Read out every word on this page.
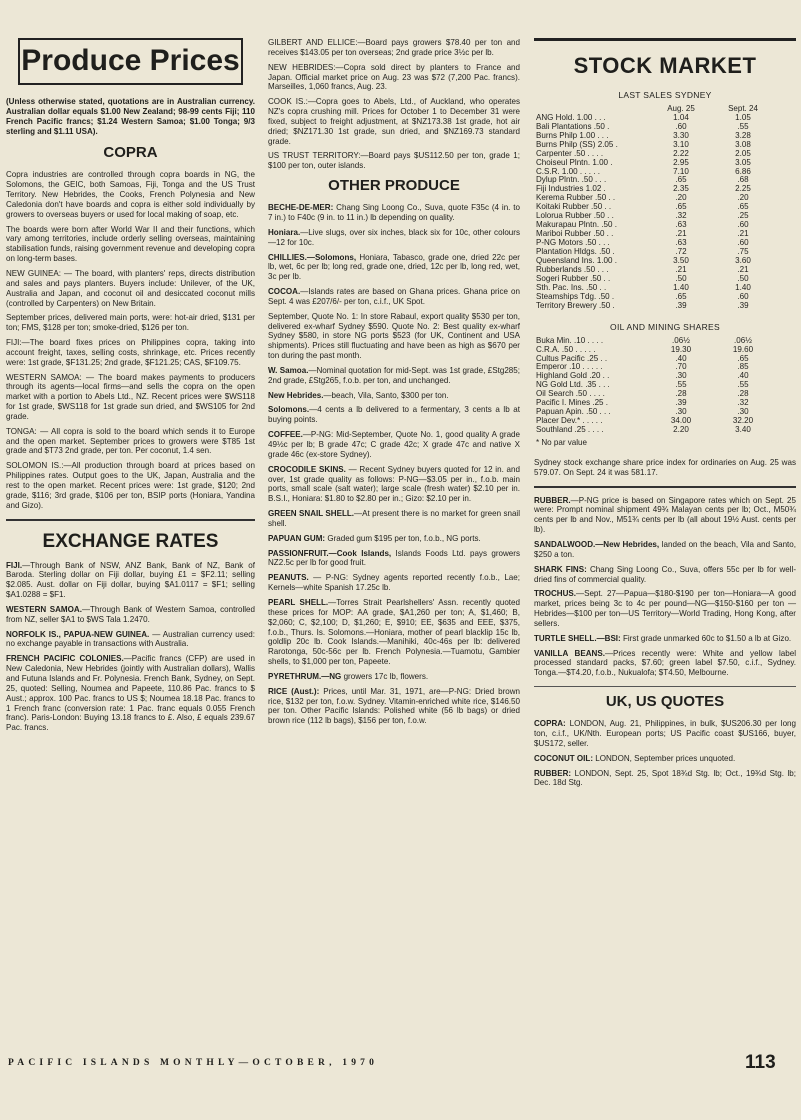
Produce Prices
(Unless otherwise stated, quotations are in Australian currency. Australian dollar equals $1.00 New Zealand; 98-99 cents Fiji; 110 French Pacific francs; $1.24 Western Samoa; $1.00 Tonga; 9/3 sterling and $1.11 USA).
COPRA
Copra industries are controlled through copra boards in NG, the Solomons, the GEIC, both Samoas, Fiji, Tonga and the US Trust Territory. New Hebrides, the Cooks, French Polynesia and New Caledonia don't have boards and copra is either sold individually by growers to overseas buyers or used for local making of soap, etc.
The boards were born after World War II and their functions, which vary among territories, include orderly selling overseas, maintaining stabilisation funds, raising government revenue and developing copra on long-term bases.
NEW GUINEA: — The board, with planters' reps, directs distribution and sales and pays planters. Buyers include: Unilever, of the UK, Australia and Japan, and coconut oil and desiccated coconut mills (controlled by Carpenters) on New Britain.
September prices, delivered main ports, were: hot-air dried, $131 per ton; FMS, $128 per ton; smoke-dried, $126 per ton.
FIJI:—The board fixes prices on Philippines copra, taking into account freight, taxes, selling costs, shrinkage, etc. Prices recently were: 1st grade, $F131.25; 2nd grade, $F121.25; CAS, $F109.75.
WESTERN SAMOA: — The board makes payments to producers through its agents—local firms—and sells the copra on the open market with a portion to Abels Ltd., NZ. Recent prices were $WS118 for 1st grade, $WS118 for 1st grade sun dried, and $WS105 for 2nd grade.
TONGA: — All copra is sold to the board which sends it to Europe and the open market. September prices to growers were $T85 1st grade and $T73 2nd grade, per ton. Per coconut, 1.4 sen.
SOLOMON IS.:—All production through board at prices based on Philippines rates. Output goes to the UK, Japan, Australia and the rest to the open market. Recent prices were: 1st grade, $120; 2nd grade, $116; 3rd grade, $106 per ton, BSIP ports (Honiara, Yandina and Gizo).
EXCHANGE RATES
FIJI.—Through Bank of NSW, ANZ Bank, Bank of NZ, Bank of Baroda. Sterling dollar on Fiji dollar, buying £1 = $F2.11; selling $2.085. Aust. dollar on Fiji dollar, buying $A1.0117 = $F1; selling $A1.0288 = $F1.
WESTERN SAMOA.—Through Bank of Western Samoa, controlled from NZ, seller $A1 to $WS Tala 1.2470.
NORFOLK IS., PAPUA-NEW GUINEA. — Australian currency used: no exchange payable in transactions with Australia.
FRENCH PACIFIC COLONIES.—Pacific francs (CFP) are used in New Caledonia, New Hebrides (jointly with Australian dollars), Wallis and Futuna Islands and Fr. Polynesia. French Bank, Sydney, on Sept. 25, quoted: Selling, Noumea and Papeete, 110.86 Pac. francs to $ Aust.; approx. 100 Pac. francs to US $; Noumea 18.18 Pac. francs to 1 French franc (conversion rate: 1 Pac. franc equals 0.055 French franc). Paris-London: Buying 13.18 francs to £. Also, £ equals 239.67 Pac. francs.
GILBERT AND ELLICE:—Board pays growers $78.40 per ton and receives $143.05 per ton overseas; 2nd grade price 3½c per lb.
NEW HEBRIDES:—Copra sold direct by planters to France and Japan. Official market price on Aug. 23 was $72 (7,200 Pac. francs). Marseilles, 1,060 francs, Aug. 23.
COOK IS.:—Copra goes to Abels, Ltd., of Auckland, who operates NZ's copra crushing mill. Prices for October 1 to December 31 were fixed, subject to freight adjustment, at $NZ173.38 1st grade, hot air dried; $NZ171.30 1st grade, sun dried, and $NZ169.73 standard grade.
US TRUST TERRITORY:—Board pays $US112.50 per ton, grade 1; $100 per ton, outer islands.
OTHER PRODUCE
BECHE-DE-MER: Chang Sing Loong Co., Suva, quote F35c (4 in. to 7 in.) to F40c (9 in. to 11 in.) lb depending on quality.
Honiara.—Live slugs, over six inches, black six for 10c, other colours—12 for 10c.
CHILLIES.—Solomons, Honiara, Tabasco, grade one, dried 22c per lb, wet, 6c per lb; long red, grade one, dried, 12c per lb, long red, wet, 3c per lb.
COCOA.—Islands rates are based on Ghana prices. Ghana price on Sept. 4 was £207/6/- per ton, c.i.f., UK Spot.
September, Quote No. 1: In store Rabaul, export quality $530 per ton, delivered ex-wharf Sydney $590. Quote No. 2: Best quality ex-wharf Sydney $580, in store NG ports $523 (for UK, Continent and USA shipments). Prices still fluctuating and have been as high as $670 per ton during the past month.
W. Samoa.—Nominal quotation for mid-Sept. was 1st grade, £Stg285; 2nd grade, £Stg265, f.o.b. per ton, and unchanged.
New Hebrides.—beach, Vila, Santo, $300 per ton.
Solomons.—4 cents a lb delivered to a fermentary, 3 cents a lb at buying points.
COFFEE.—P-NG: Mid-September, Quote No. 1, good quality A grade 49½c per lb; B grade 47c; C grade 42c; X grade 47c and native X grade 46c (ex-store Sydney).
CROCODILE SKINS. — Recent Sydney buyers quoted for 12 in. and over, 1st grade quality as follows: P-NG—$3.05 per in., f.o.b. main ports, small scale (salt water); large scale (fresh water) $2.10 per in. B.S.I., Honiara: $1.80 to $2.80 per in.; Gizo: $2.10 per in.
GREEN SNAIL SHELL.—At present there is no market for green snail shell.
PAPUAN GUM: Graded gum $195 per ton, f.o.b., NG ports.
PASSIONFRUIT.—Cook Islands, Islands Foods Ltd. pays growers NZ2.5c per lb for good fruit.
PEANUTS. — P-NG: Sydney agents reported recently f.o.b., Lae; Kernels—white Spanish 17.25c lb.
PEARL SHELL.—Torres Strait Pearlshellers' Assn. recently quoted these prices for MOP: AA grade, $A1,260 per ton; A, $1,460; B, $2,060; C, $2,100; D, $1,260; E, $910; EE, $635 and EEE, $375, f.o.b., Thurs. Is. Solomons.—Honiara, mother of pearl blacklip 15c lb, goldlip 20c lb. Cook Islands.—Manihiki, 40c-46s per lb: delivered Rarotonga, 50c-56c per lb. French Polynesia.—Tuamotu, Gambier shells, to $1,000 per ton, Papeete.
PYRETHRUM.—NG growers 17c lb, flowers.
RICE (Aust.): Prices, until Mar. 31, 1971, are—P-NG: Dried brown rice, $132 per ton, f.o.w. Sydney. Vitamin-enriched white rice, $146.50 per ton. Other Pacific Islands: Polished white (56 lb bags) or dried brown rice (112 lb bags), $156 per ton, f.o.w.
STOCK MARKET
LAST SALES SYDNEY
	Aug. 25	Sept. 24
ANG Hold. 1.00 . . .	1.04	1.05
Bali Plantations .50 .	.60	.55
Burns Philp 1.00 . . .	3.30	3.28
Burns Philp (SS) 2.05 .	3.10	3.08
Carpenter .50 . . . .	2.22	2.05
Choiseul Plntn. 1.00 .	2.95	3.05
C.S.R. 1.00 . . . . .	7.10	6.86
Dylup Plntn. .50 . . .	.65	.68
Fiji Industries 1.02 .	2.35	2.25
Kerema Rubber .50 . .	.20	.20
Koitaki Rubber .50 . .	.65	.65
Lolorua Rubber .50 . .	.32	.25
Makurapau Plntn. .50 .	.63	.60
Mariboi Rubber .50 . .	.21	.21
P-NG Motors .50 . . .	.63	.60
Plantation Hldgs. .50 .	.72	.75
Queensland Ins. 1.00 .	3.50	3.60
Rubberlands .50 . . .	.21	.21
Sogeri Rubber .50 . .	.50	.50
Sth. Pac. Ins. .50 . .	1.40	1.40
Steamships Tdg. .50 .	.65	.60
Territory Brewery .50 .	.39	.39
OIL AND MINING SHARES
Buka Min. .10 . . . .	.06½	.06½
C.R.A. .50 . . . . .	19.30	19.60
Cultus Pacific .25 . .	.40	.65
Emperor .10 . . . . .	.70	.85
Highland Gold .20 . .	.30	.40
NG Gold Ltd. .35 . . .	.55	.55
Oil Search .50 . . . .	.28	.28
Pacific I. Mines .25 .	.39	.32
Papuan Apin. .50 . . .	.30	.30
Placer Dev.* . . . . .	34.00	32.20
Southland .25 . . . .	2.20	3.40
* No par value
Sydney stock exchange share price index for ordinaries on Aug. 25 was 579.07. On Sept. 24 it was 581.17.
RUBBER.—P-NG price is based on Singapore rates which on Sept. 25 were: Prompt nominal shipment 49¾ Malayan cents per lb; Oct., M50¾ cents per lb and Nov., M51¾ cents per lb (all about 19½ Aust. cents per lb).
SANDALWOOD.—New Hebrides, landed on the beach, Vila and Santo, $250 a ton.
SHARK FINS: Chang Sing Loong Co., Suva, offers 55c per lb for well-dried fins of commercial quality.
TROCHUS.—Sept. 27—Papua—$180-$190 per ton—Honiara—A good market, prices being 3c to 4c per pound—NG—$150-$160 per ton —Hebrides—$100 per ton—US Territory—World Trading, Hong Kong, after sellers.
TURTLE SHELL.—BSI: First grade unmarked 60c to $1.50 a lb at Gizo.
VANILLA BEANS.—Prices recently were: White and yellow label processed standard packs, $7.60; green label $7.50, c.i.f., Sydney. Tonga.—$T4.20, f.o.b., Nukualofa; $T4.50, Melbourne.
UK, US QUOTES
COPRA: LONDON, Aug. 21, Philippines, in bulk, $US206.30 per long ton, c.i.f., UK/Nth. European ports; US Pacific coast $US166, buyer, $US172, seller.
COCONUT OIL: LONDON, September prices unquoted.
RUBBER: LONDON, Sept. 25, Spot 18¾d Stg. lb; Oct., 19¾d Stg. lb; Dec. 18d Stg.
PACIFIC ISLANDS MONTHLY—OCTOBER, 1970	113
